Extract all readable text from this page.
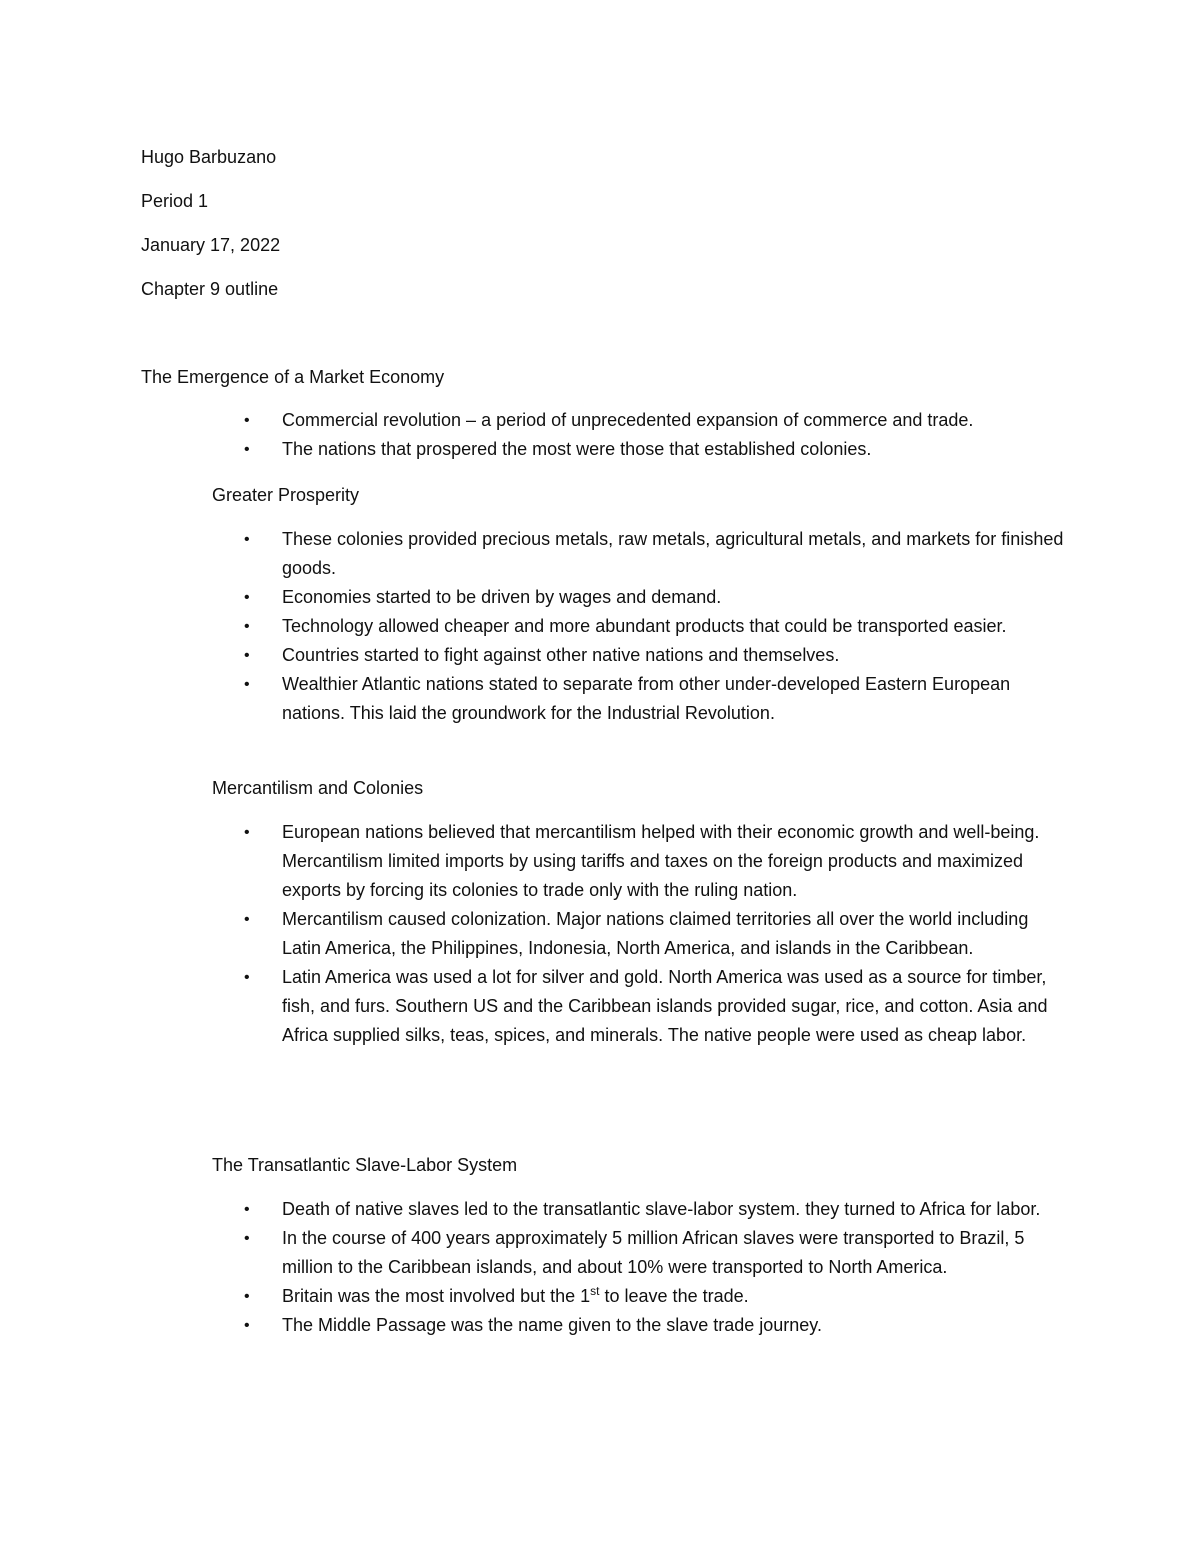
Hugo Barbuzano
Period 1
January 17, 2022
Chapter 9 outline
The Emergence of a Market Economy
•	Commercial revolution – a period of unprecedented expansion of commerce and trade.
•	The nations that prospered the most were those that established colonies.
Greater Prosperity
•	These colonies provided precious metals, raw metals, agricultural metals, and markets for finished goods.
•	Economies started to be driven by wages and demand.
•	Technology allowed cheaper and more abundant products that could be transported easier.
•	Countries started to fight against other native nations and themselves.
•	Wealthier Atlantic nations stated to separate from other under-developed Eastern European nations. This laid the groundwork for the Industrial Revolution.
Mercantilism and Colonies
•	European nations believed that mercantilism helped with their economic growth and well-being. Mercantilism limited imports by using tariffs and taxes on the foreign products and maximized exports by forcing its colonies to trade only with the ruling nation.
•	Mercantilism caused colonization. Major nations claimed territories all over the world including Latin America, the Philippines, Indonesia, North America, and islands in the Caribbean.
•	Latin America was used a lot for silver and gold. North America was used as a source for timber, fish, and furs. Southern US and the Caribbean islands provided sugar, rice, and cotton. Asia and Africa supplied silks, teas, spices, and minerals. The native people were used as cheap labor.
The Transatlantic Slave-Labor System
•	Death of native slaves led to the transatlantic slave-labor system. they turned to Africa for labor.
•	In the course of 400 years approximately 5 million African slaves were transported to Brazil, 5 million to the Caribbean islands, and about 10% were transported to North America.
•	Britain was the most involved but the 1st to leave the trade.
•	The Middle Passage was the name given to the slave trade journey.
